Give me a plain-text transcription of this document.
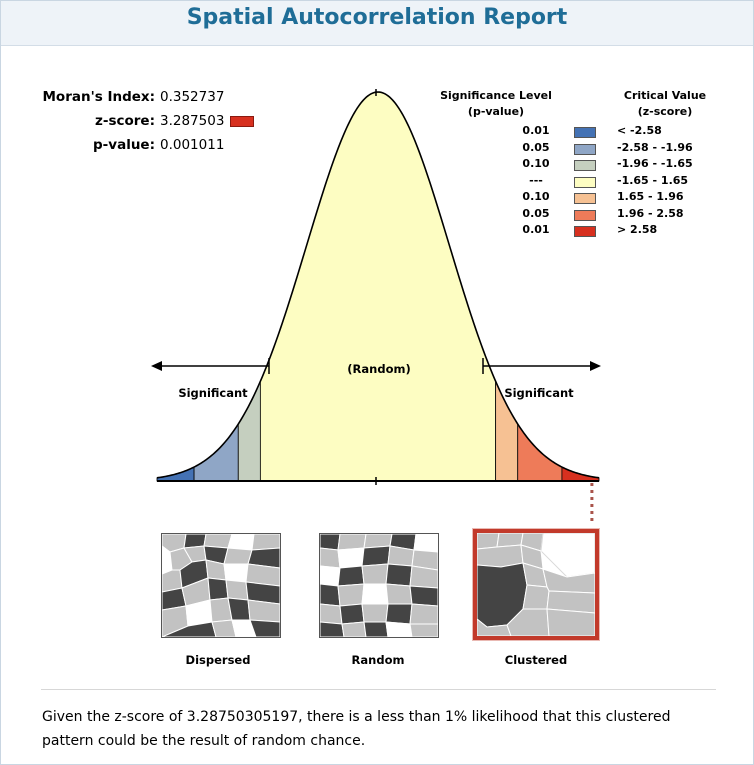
Spatial Autocorrelation Report
Moran's Index: 0.352737
z-score: 3.287503
p-value: 0.001011
Significance Level
(p-value)
Critical Value
(z-score)
0.01	< -2.58
0.05	-2.58 - -1.96
0.10	-1.96 - -1.65
---	-1.65 - 1.65
0.10	1.65 - 1.96
0.05	1.96 - 2.58
0.01	> 2.58
(Random)
Significant	Significant
Dispersed	Random	Clustered
Given the z-score of 3.28750305197, there is a less than 1% likelihood that this clustered pattern could be the result of random chance.
